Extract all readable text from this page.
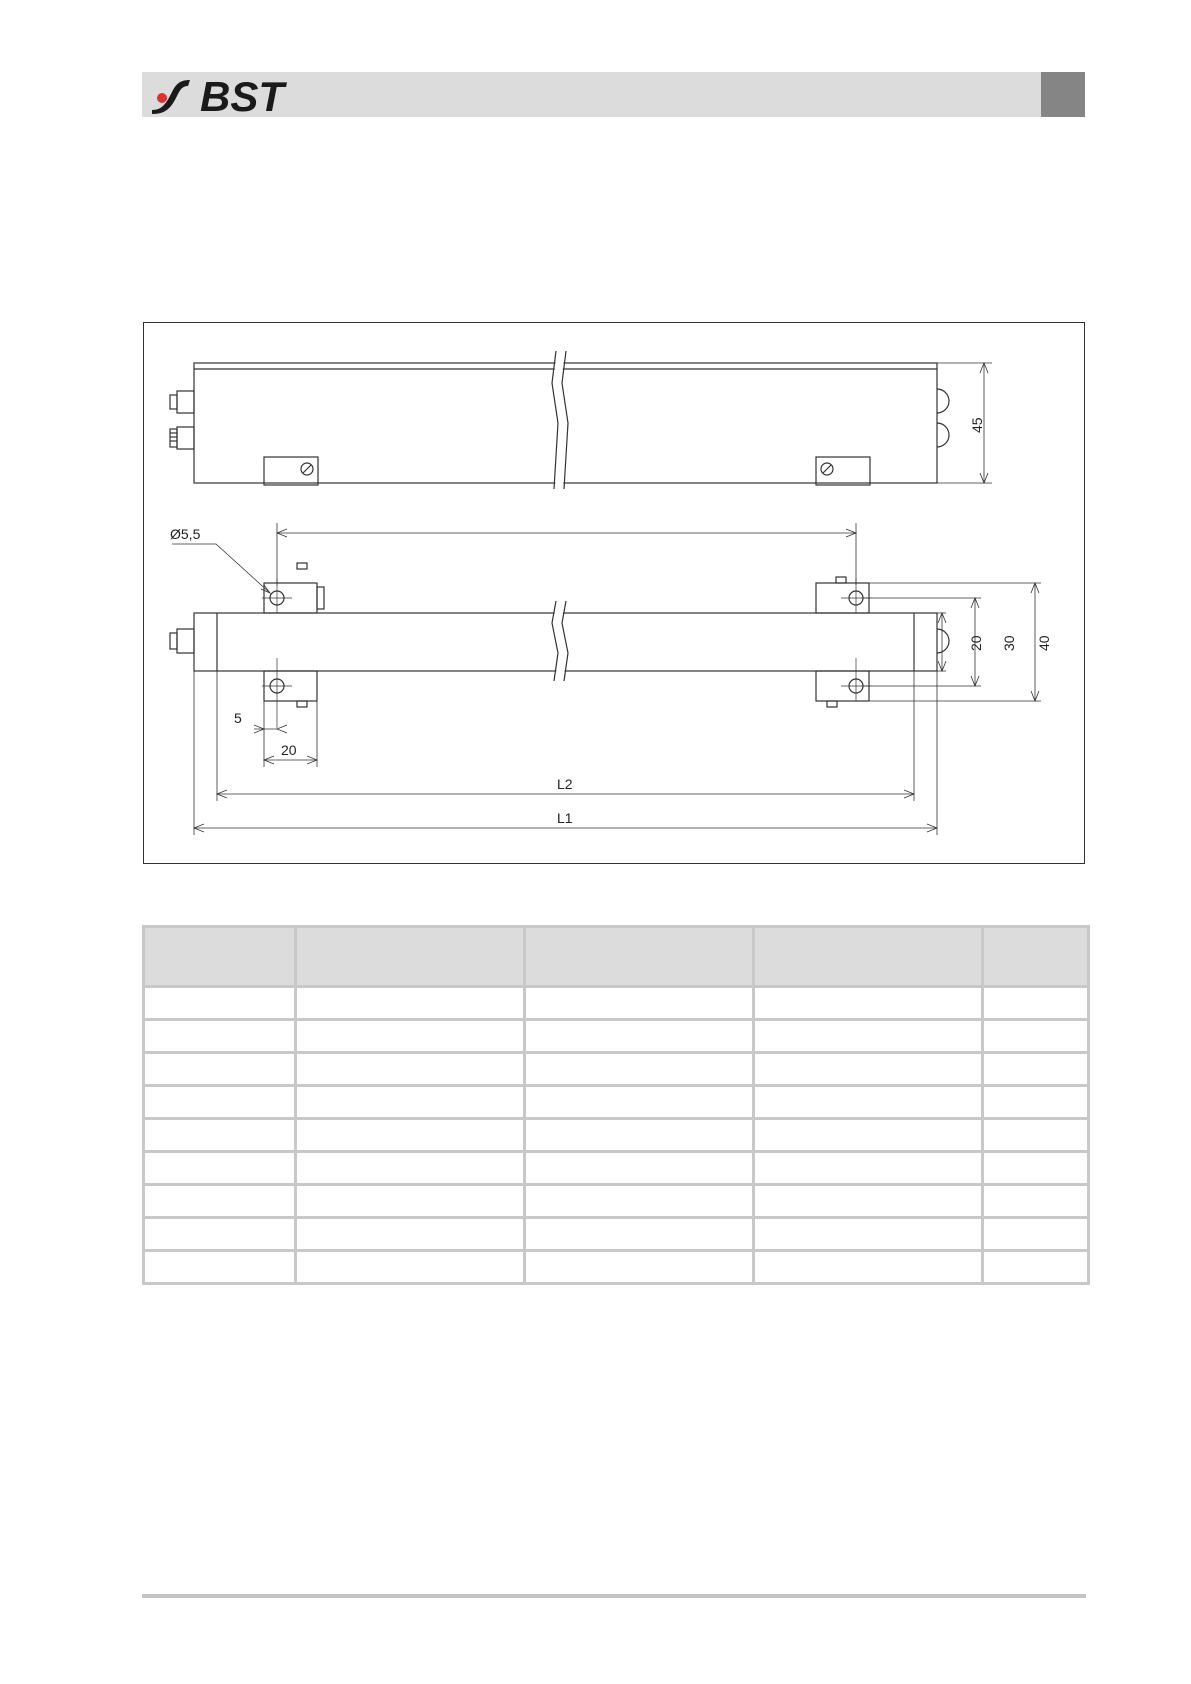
BST
Ø5,5
5
20
L2
L1
45
20 30 40
